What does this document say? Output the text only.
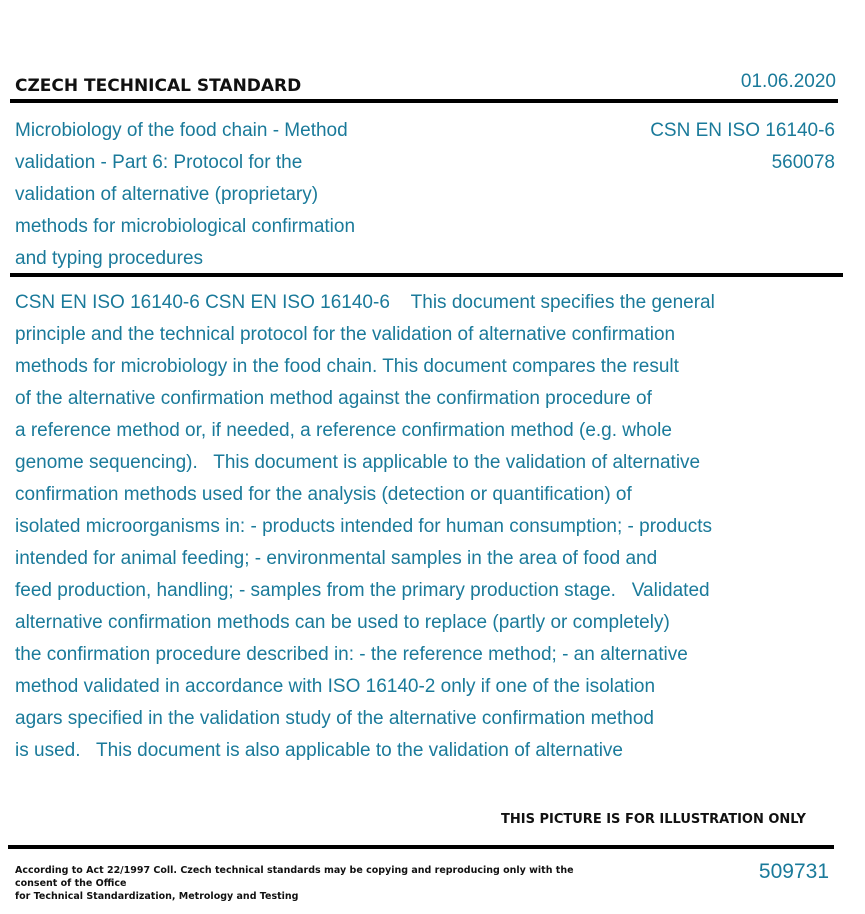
CZECH TECHNICAL STANDARD	01.06.2020
Microbiology of the food chain - Method
validation - Part 6: Protocol for the
validation of alternative (proprietary)
methods for microbiological confirmation
and typing procedures
CSN EN ISO 16140-6
560078
CSN EN ISO 16140-6 CSN EN ISO 16140-6    This document specifies the general
principle and the technical protocol for the validation of alternative confirmation
methods for microbiology in the food chain. This document compares the result
of the alternative confirmation method against the confirmation procedure of
a reference method or, if needed, a reference confirmation method (e.g. whole
genome sequencing).   This document is applicable to the validation of alternative
confirmation methods used for the analysis (detection or quantification) of
isolated microorganisms in: - products intended for human consumption; - products
intended for animal feeding; - environmental samples in the area of food and
feed production, handling; - samples from the primary production stage.   Validated
alternative confirmation methods can be used to replace (partly or completely)
the confirmation procedure described in: - the reference method; - an alternative
method validated in accordance with ISO 16140-2 only if one of the isolation
agars specified in the validation study of the alternative confirmation method
is used.   This document is also applicable to the validation of alternative
THIS PICTURE IS FOR ILLUSTRATION ONLY
According to Act 22/1997 Coll. Czech technical standards may be copying and reproducing only with the consent of the Office
for Technical Standardization, Metrology and Testing
509731
